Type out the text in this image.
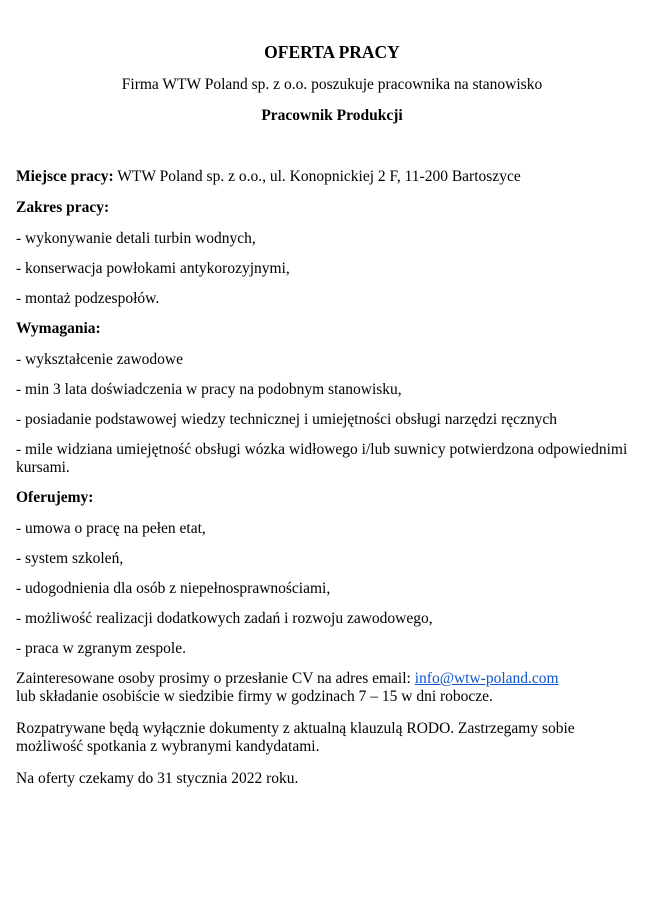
OFERTA PRACY
Firma WTW Poland sp. z o.o. poszukuje pracownika na stanowisko
Pracownik Produkcji
Miejsce pracy: WTW Poland sp. z o.o., ul. Konopnickiej 2 F, 11-200 Bartoszyce
Zakres pracy:
- wykonywanie detali turbin wodnych,
- konserwacja powłokami antykorozyjnymi,
- montaż podzespołów.
Wymagania:
- wykształcenie zawodowe
- min 3 lata doświadczenia w pracy na podobnym stanowisku,
- posiadanie podstawowej wiedzy technicznej i umiejętności obsługi narzędzi ręcznych
- mile widziana umiejętność obsługi wózka widłowego i/lub suwnicy potwierdzona odpowiednimi kursami.
Oferujemy:
- umowa o pracę na pełen etat,
- system szkoleń,
- udogodnienia dla osób z niepełnosprawnościami,
- możliwość realizacji dodatkowych zadań i rozwoju zawodowego,
- praca w zgranym zespole.
Zainteresowane osoby prosimy o przesłanie CV na adres email: info@wtw-poland.com
lub składanie osobiście w siedzibie firmy w godzinach 7 – 15 w dni robocze.
Rozpatrywane będą wyłącznie dokumenty z aktualną klauzulą RODO. Zastrzegamy sobie możliwość spotkania z wybranymi kandydatami.
Na oferty czekamy do 31 stycznia 2022 roku.
